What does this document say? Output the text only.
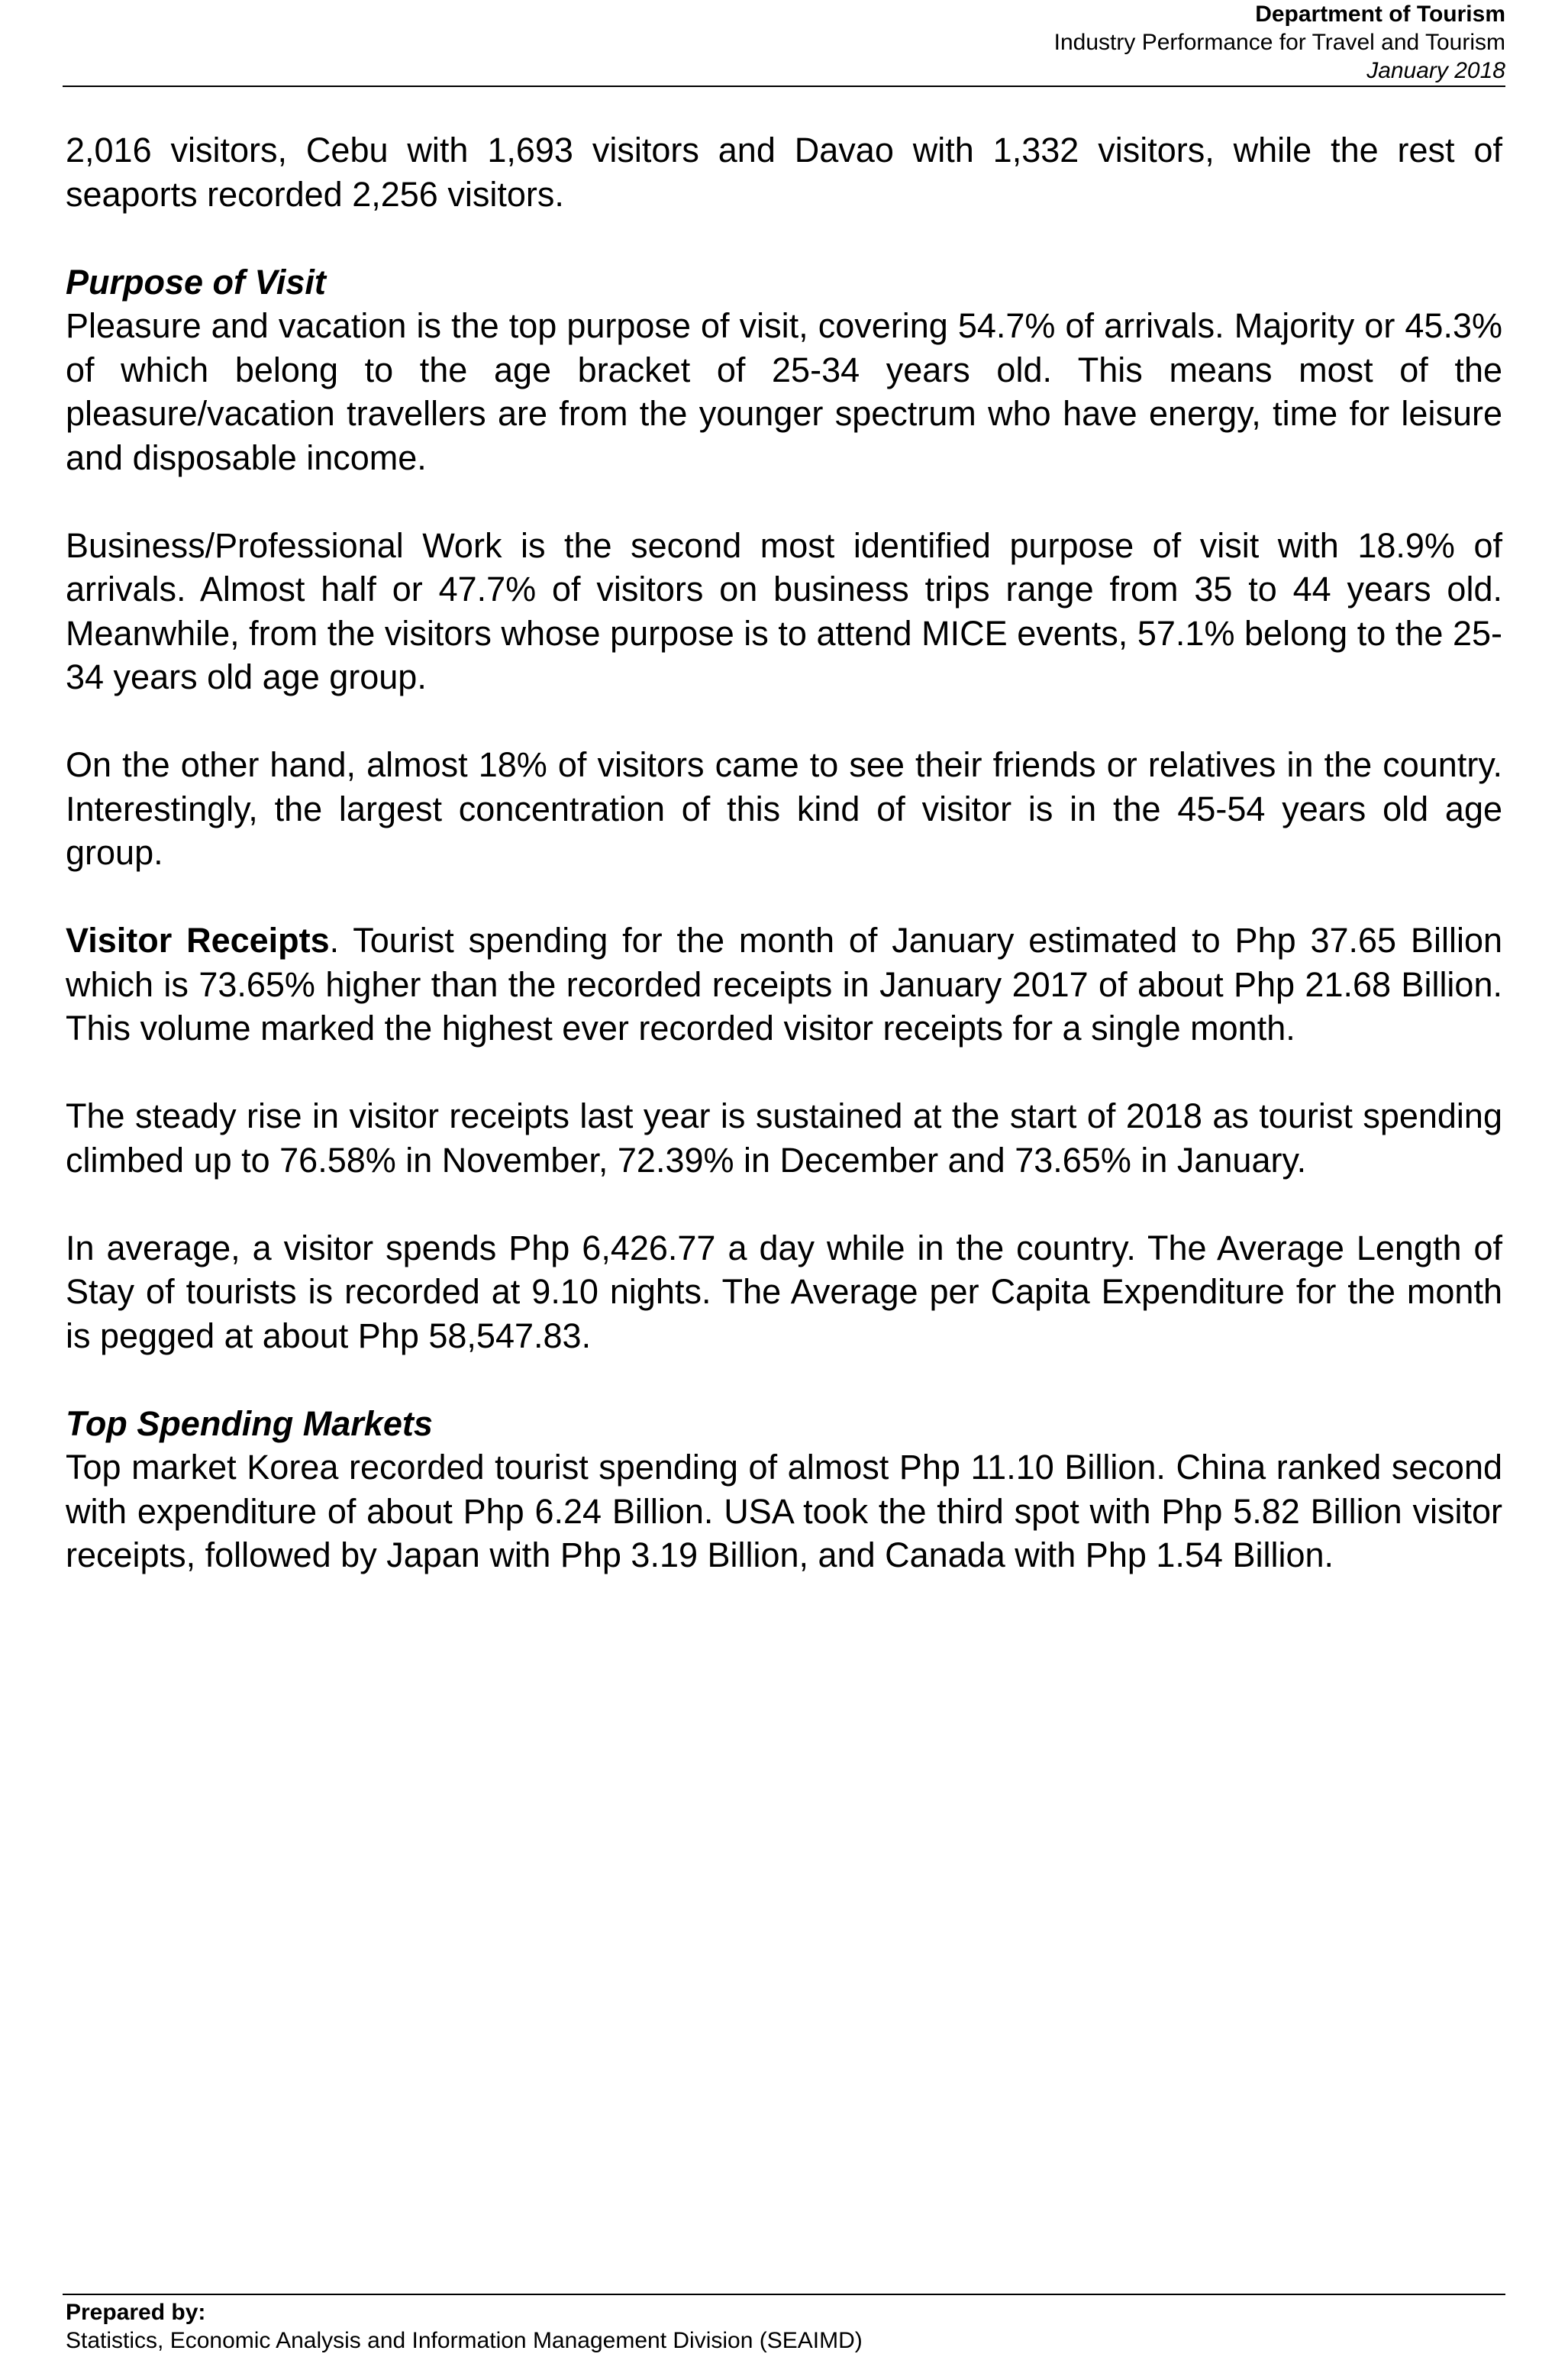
Department of Tourism
Industry Performance for Travel and Tourism
January 2018

2,016 visitors, Cebu with 1,693 visitors and Davao with 1,332 visitors, while the rest of seaports recorded 2,256 visitors.

Purpose of Visit

Pleasure and vacation is the top purpose of visit, covering 54.7% of arrivals. Majority or 45.3% of which belong to the age bracket of 25-34 years old. This means most of the pleasure/vacation travellers are from the younger spectrum who have energy, time for leisure and disposable income.

Business/Professional Work is the second most identified purpose of visit with 18.9% of arrivals. Almost half or 47.7% of visitors on business trips range from 35 to 44 years old. Meanwhile, from the visitors whose purpose is to attend MICE events, 57.1% belong to the 25-34 years old age group.

On the other hand, almost 18% of visitors came to see their friends or relatives in the country. Interestingly, the largest concentration of this kind of visitor is in the 45-54 years old age group.

Visitor Receipts. Tourist spending for the month of January estimated to Php 37.65 Billion which is 73.65% higher than the recorded receipts in January 2017 of about Php 21.68 Billion. This volume marked the highest ever recorded visitor receipts for a single month.

The steady rise in visitor receipts last year is sustained at the start of 2018 as tourist spending climbed up to 76.58% in November, 72.39% in December and 73.65% in January.

In average, a visitor spends Php 6,426.77 a day while in the country. The Average Length of Stay of tourists is recorded at 9.10 nights. The Average per Capita Expenditure for the month is pegged at about Php 58,547.83.

Top Spending Markets

Top market Korea recorded tourist spending of almost Php 11.10 Billion. China ranked second with expenditure of about Php 6.24 Billion. USA took the third spot with Php 5.82 Billion visitor receipts, followed by Japan with Php 3.19 Billion, and Canada with Php 1.54 Billion.

Prepared by:
Statistics, Economic Analysis and Information Management Division (SEAIMD)
